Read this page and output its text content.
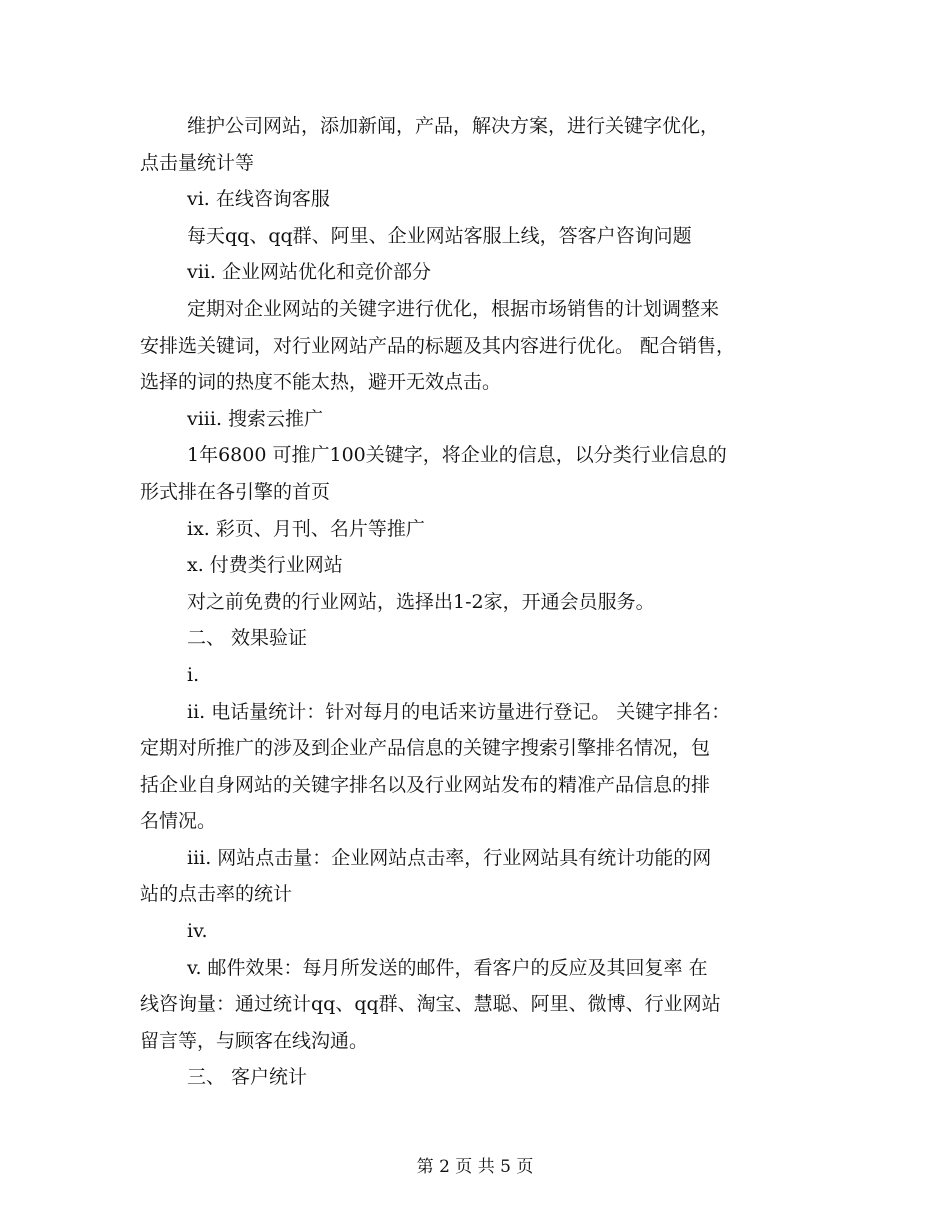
维护公司网站，添加新闻，产品，解决方案，进行关键字优化，
点击量统计等
vi. 在线咨询客服
每天qq、qq群、阿里、企业网站客服上线，答客户咨询问题
vii. 企业网站优化和竞价部分
定期对企业网站的关键字进行优化，根据市场销售的计划调整来
安排选关键词，对行业网站产品的标题及其内容进行优化。 配合销售，
选择的词的热度不能太热，避开无效点击。
viii. 搜索云推广
1年6800 可推广100关键字，将企业的信息，以分类行业信息的
形式排在各引擎的首页
ix. 彩页、月刊、名片等推广
x. 付费类行业网站
对之前免费的行业网站，选择出1-2家，开通会员服务。
二、 效果验证
i.
ii. 电话量统计：针对每月的电话来访量进行登记。 关键字排名：
定期对所推广的涉及到企业产品信息的关键字搜索引擎排名情况，包
括企业自身网站的关键字排名以及行业网站发布的精准产品信息的排
名情况。
iii. 网站点击量：企业网站点击率，行业网站具有统计功能的网
站的点击率的统计
iv.
v. 邮件效果：每月所发送的邮件，看客户的反应及其回复率 在
线咨询量：通过统计qq、qq群、淘宝、慧聪、阿里、微博、行业网站
留言等，与顾客在线沟通。
三、 客户统计
第 2 页 共 5 页
